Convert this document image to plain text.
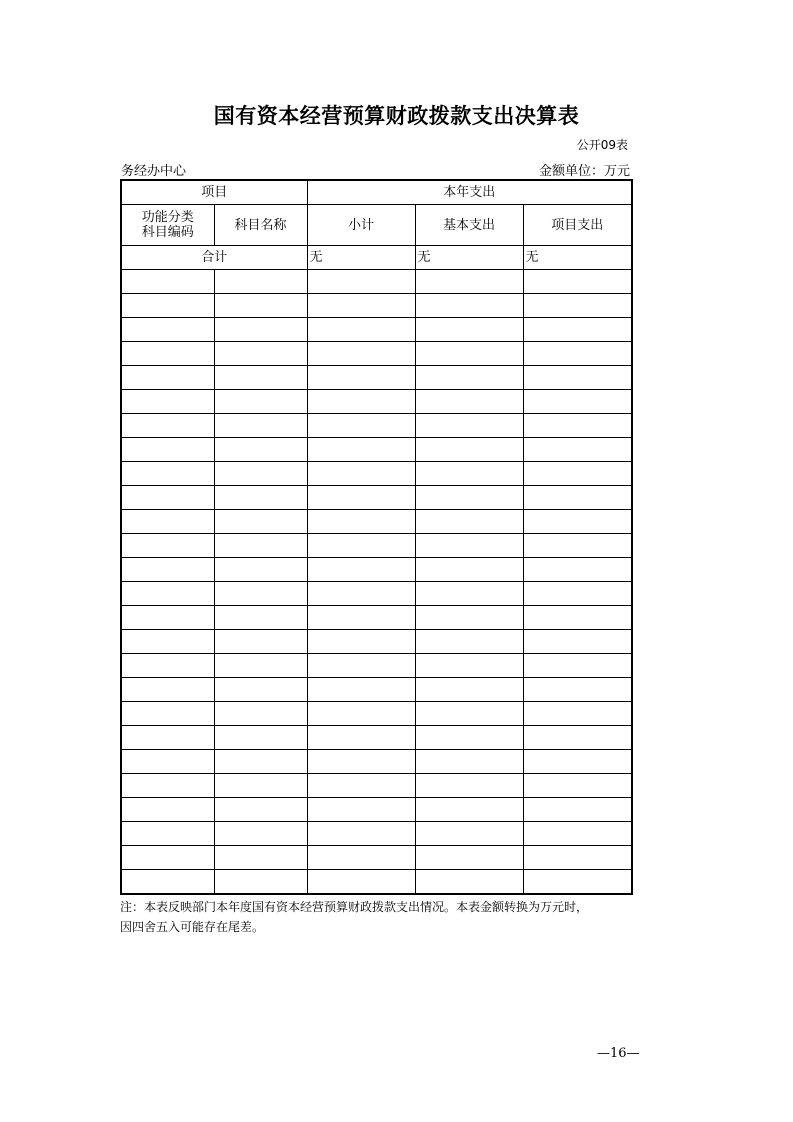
国有资本经营预算财政拨款支出决算表
公开09表
务经办中心	金额单位：万元
项目		本年支出		
功能分类
科目编码	科目名称	小计	基本支出	项目支出
合计		无	无	无

注：本表反映部门本年度国有资本经营预算财政拨款支出情况。本表金额转换为万元时，
因四舍五入可能存在尾差。
—16—
